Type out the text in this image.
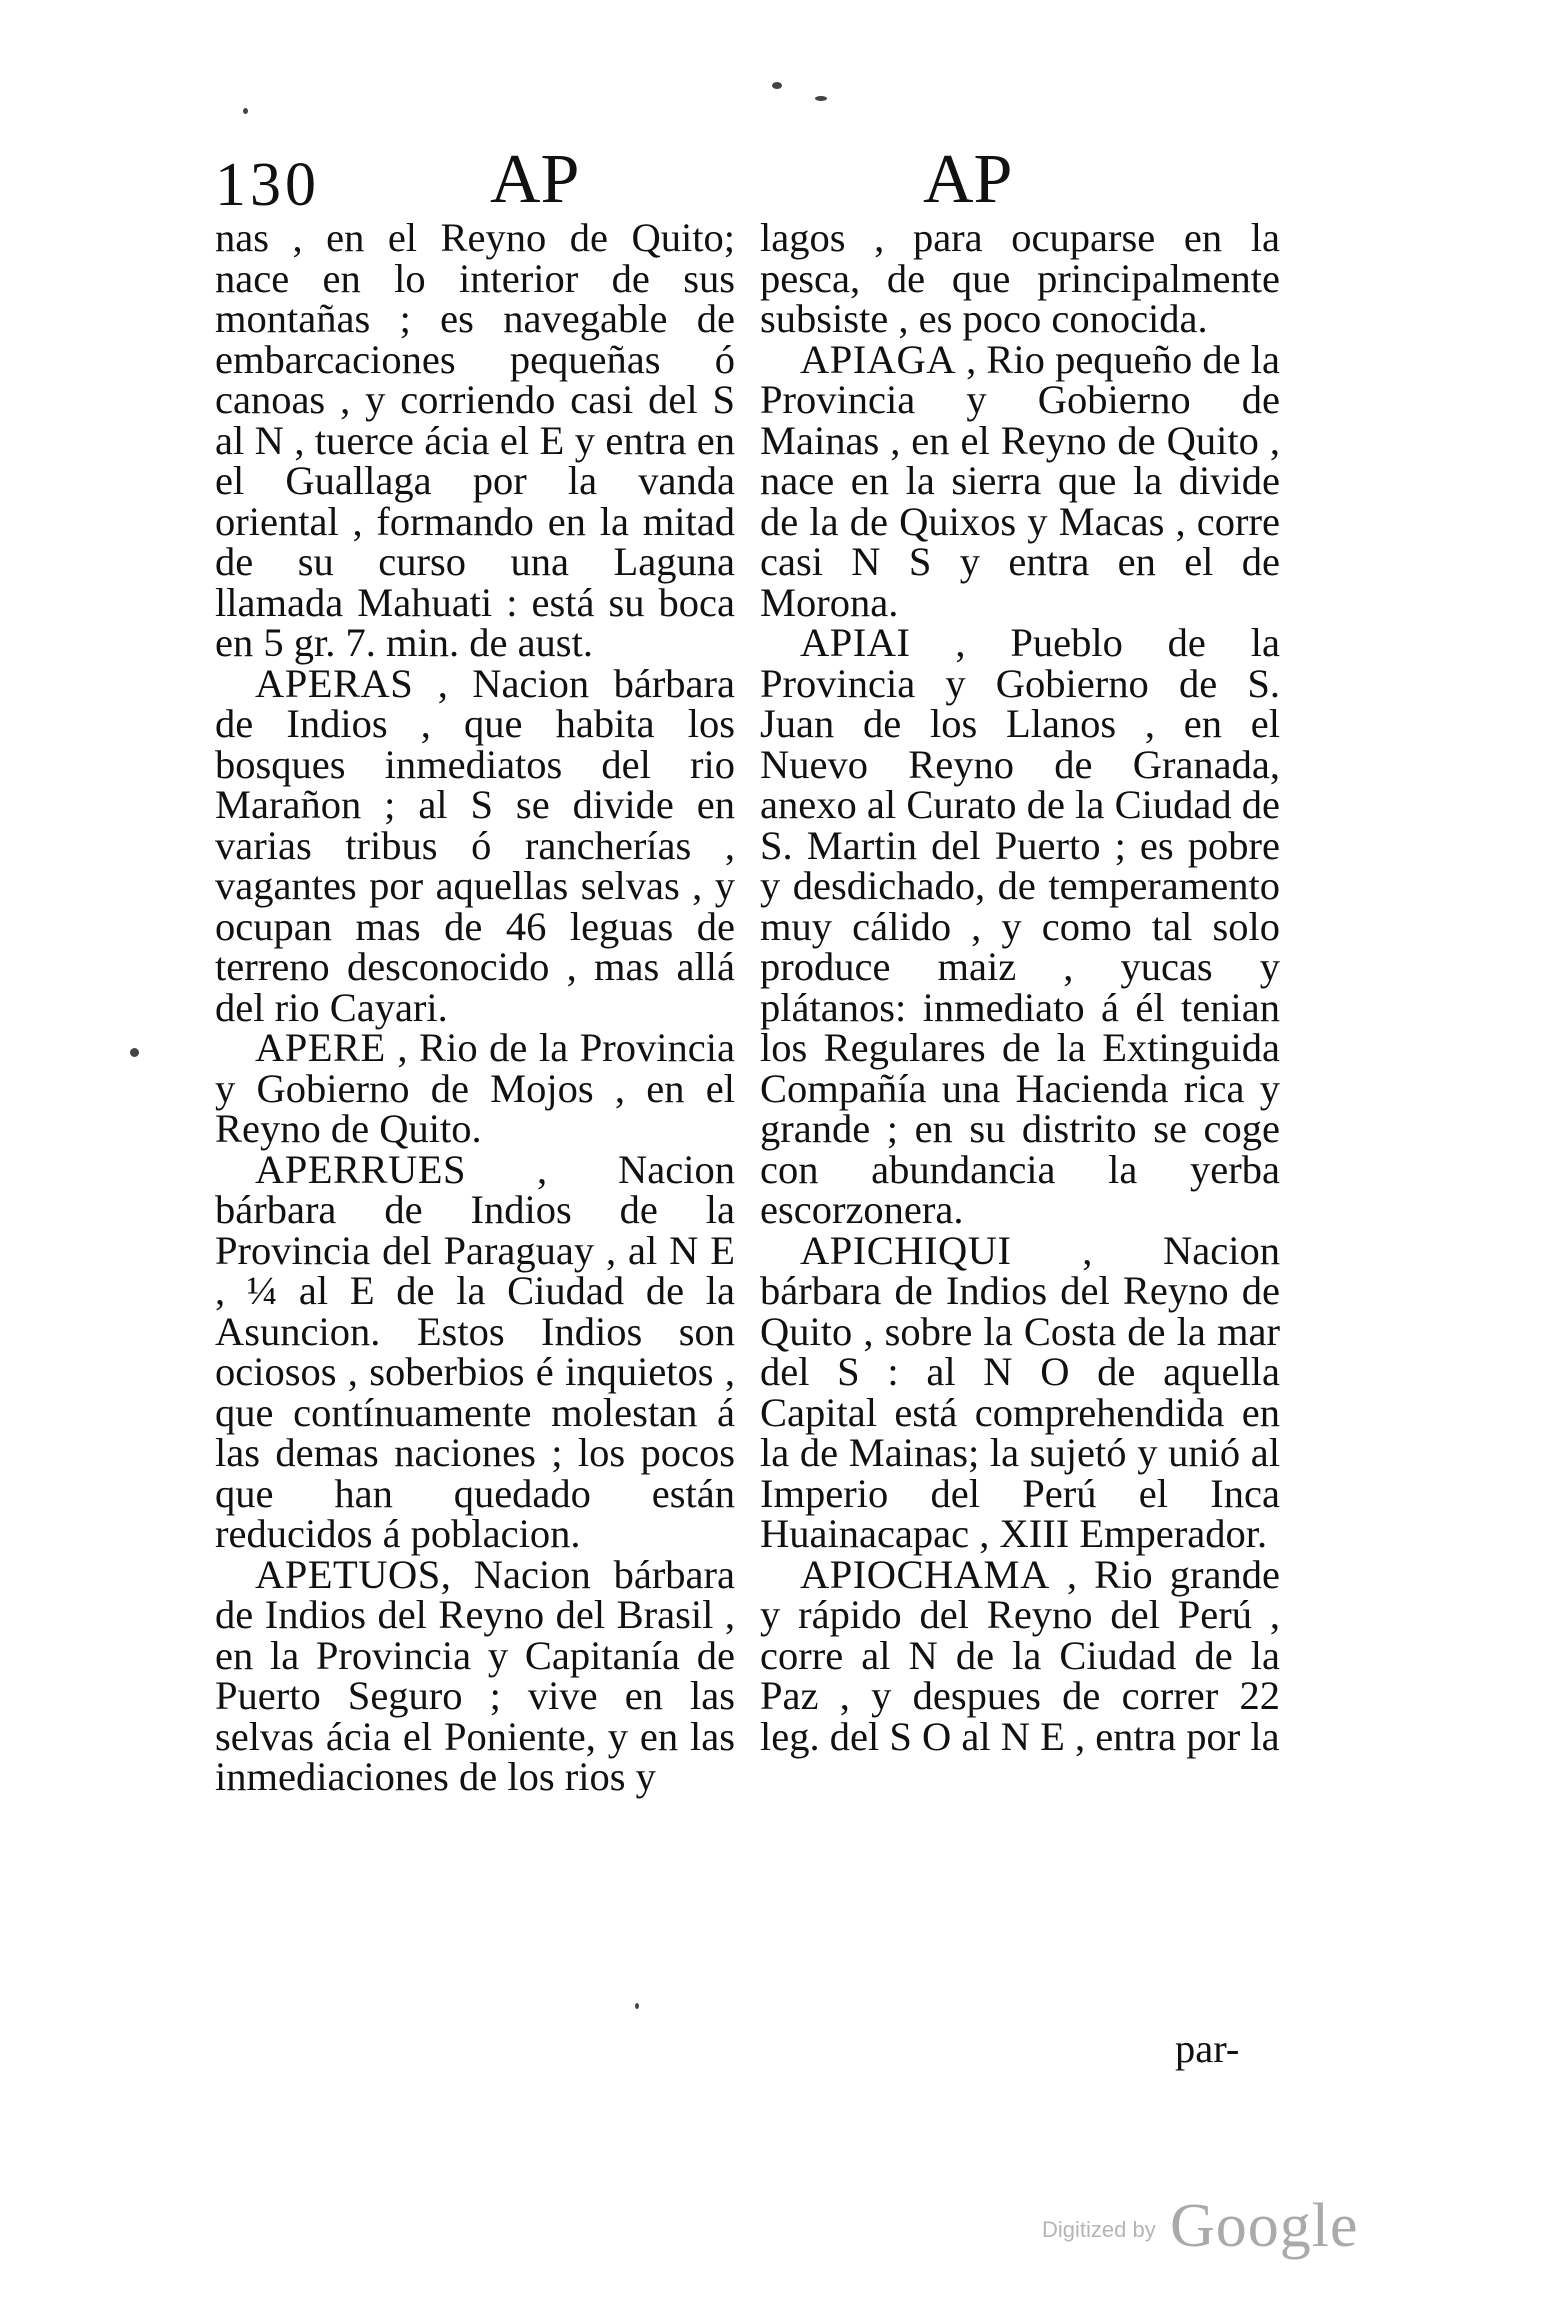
130 AP	AP

nas , en el Reyno de Quito; nace en lo interior de sus montañas ; es navegable de embarcaciones pequeñas ó canoas , y corriendo casi del S al N , tuerce ácia el E y entra en el Guallaga por la vanda oriental , formando en la mitad de su curso una Laguna llamada Mahuati : está su boca en 5 gr. 7. min. de aust.

APERAS , Nacion bárbara de Indios , que habita los bosques inmediatos del rio Marañon ; al S se divide en varias tribus ó rancherías , vagantes por aquellas selvas , y ocupan mas de 46 leguas de terreno desconocido , mas allá del rio Cayari.

APERE , Rio de la Provincia y Gobierno de Mojos , en el Reyno de Quito.

APERRUES , Nacion bárbara de Indios de la Provincia del Paraguay , al N E , ¼ al E de la Ciudad de la Asuncion. Estos Indios son ociosos , soberbios é inquietos , que contínuamente molestan á las demas naciones ; los pocos que han quedado están reducidos á poblacion.

APETUOS, Nacion bárbara de Indios del Reyno del Brasil , en la Provincia y Capitanía de Puerto Seguro ; vive en las selvas ácia el Poniente, y en las inmediaciones de los rios y

lagos , para ocuparse en la pesca, de que principalmente subsiste , es poco conocida.

APIAGA , Rio pequeño de la Provincia y Gobierno de Mainas , en el Reyno de Quito , nace en la sierra que la divide de la de Quixos y Macas , corre casi N S y entra en el de Morona.

APIAI , Pueblo de la Provincia y Gobierno de S. Juan de los Llanos , en el Nuevo Reyno de Granada, anexo al Curato de la Ciudad de S. Martin del Puerto ; es pobre y desdichado, de temperamento muy cálido , y como tal solo produce maiz , yucas y plátanos: inmediato á él tenian los Regulares de la Extinguida Compañía una Hacienda rica y grande ; en su distrito se coge con abundancia la yerba escorzonera.

APICHIQUI , Nacion bárbara de Indios del Reyno de Quito , sobre la Costa de la mar del S : al N O de aquella Capital está comprehendida en la de Mainas; la sujetó y unió al Imperio del Perú el Inca Huainacapac , XIII Emperador.

APIOCHAMA , Rio grande y rápido del Reyno del Perú , corre al N de la Ciudad de la Paz , y despues de correr 22 leg. del S O al N E , entra por la

par-
Digitized by Google
